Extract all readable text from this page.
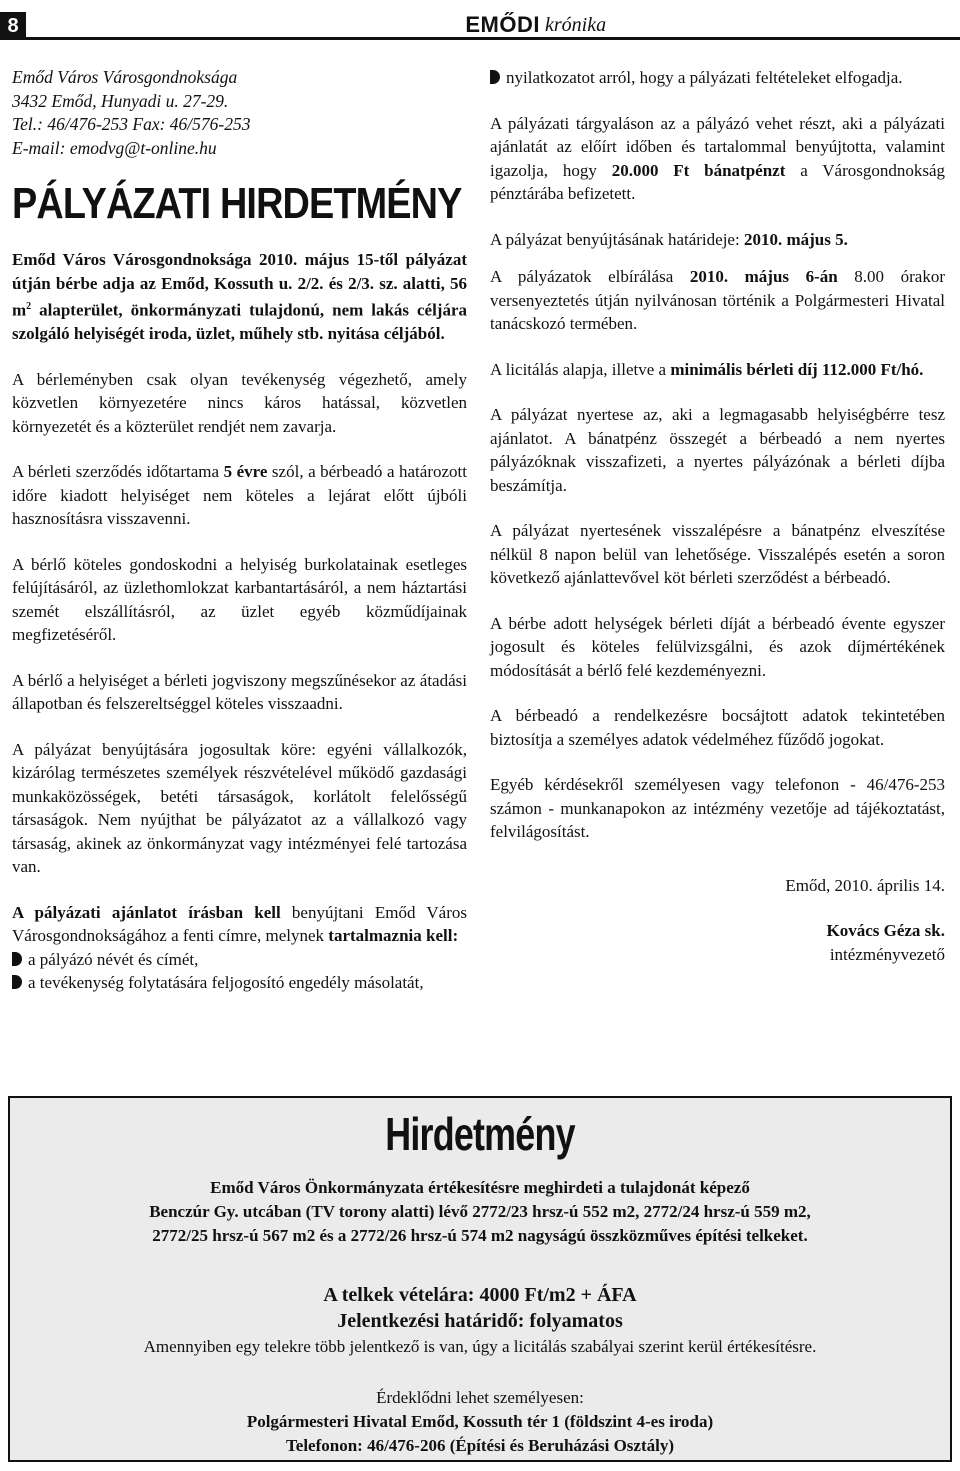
8	EMŐDI krónika
Emőd Város Városgondnoksága
3432 Emőd, Hunyadi u. 27-29.
Tel.: 46/476-253 Fax: 46/576-253
E-mail: emodvg@t-online.hu
PÁLYÁZATI HIRDETMÉNY

Emőd Város Városgondnoksága 2010. május 15-től pályázat útján bérbe adja az Emőd, Kossuth u. 2/2. és 2/3. sz. alatti, 56 $m^2$ alapterület, önkormányzati tulajdonú, nem lakás céljára szolgáló helyiségét iroda, üzlet, műhely stb. nyitása céljából.

A bérleményben csak olyan tevékenység végezhető, amely közvetlen környezetére nincs káros hatással, közvetlen környezetét és a közterület rendjét nem zavarja.

A bérleti szerződés időtartama 5 évre szól, a bérbeadó a határozott időre kiadott helyiséget nem köteles a lejárat előtt újbóli hasznosításra visszavenni.

A bérlő köteles gondoskodni a helyiség burkolatainak esetleges felújításáról, az üzlethomlokzat karbantartásáról, a nem háztartási szemét elszállításról, az üzlet egyéb közműdíjainak megfizetéséről.

A bérlő a helyiséget a bérleti jogviszony megszűnésekor az átadási állapotban és felszereltséggel köteles visszaadni.

A pályázat benyújtására jogosultak köre: egyéni vállalkozók, kizárólag természetes személyek részvételével működő gazdasági munkaközösségek, betéti társaságok, korlátolt felelősségű társaságok. Nem nyújthat be pályázatot az a vállalkozó vagy társaság, akinek az önkormányzat vagy intézményei felé tartozása van.

A pályázati ajánlatot írásban kell benyújtani Emőd Város Városgondnokságához a fenti címre, melynek tartalmaznia kell:

a pályázó névét és címét,

a tevékenység folytatására feljogosító engedély másolatát,

nyilatkozatot arról, hogy a pályázati feltételeket elfogadja.

A pályázati tárgyaláson az a pályázó vehet részt, aki a pályázati ajánlatát az előírt időben és tartalommal benyújtotta, valamint igazolja, hogy 20.000 Ft bánatpénzt a Városgondnokság pénztárába befizetett.

A pályázat benyújtásának határideje: 2010. május 5.

A pályázatok elbírálása 2010. május 6-án 8.00 órakor versenyeztetés útján nyilvánosan történik a Polgármesteri Hivatal tanácskozó termében.

A licitálás alapja, illetve a minimális bérleti díj 112.000 Ft/hó.

A pályázat nyertese az, aki a legmagasabb helyiségbérre tesz ajánlatot. A bánatpénz összegét a bérbeadó a nem nyertes pályázóknak visszafizeti, a nyertes pályázónak a bérleti díjba beszámítja.

A pályázat nyertesének visszalépésre a bánatpénz elveszítése nélkül 8 napon belül van lehetősége. Visszalépés esetén a soron következő ajánlattevővel köt bérleti szerződést a bérbeadó.

A bérbe adott helységek bérleti díját a bérbeadó évente egyszer jogosult és köteles felülvizsgálni, és azok díjmértékének módosítását a bérlő felé kezdeményezni.

A bérbeadó a rendelkezésre bocsájtott adatok tekintetében biztosítja a személyes adatok védelméhez fűződő jogokat.

Egyéb kérdésekről személyesen vagy telefonon - 46/476-253 számon - munkanapokon az intézmény vezetője ad tájékoztatást, felvilágosítást.

Emőd, 2010. április 14.

Kovács Géza sk.

intézményvezető

Hirdetmény
Emőd Város Önkormányzata értékesítésre meghirdeti a tulajdonát képező
Benczúr Gy. utcában (TV torony alatti) lévő 2772/23 hrsz-ú 552 m2, 2772/24 hrsz-ú 559 m2,
2772/25 hrsz-ú 567 m2 és a 2772/26 hrsz-ú 574 m2 nagyságú összközműves építési telkeket.
A telkek vételára: 4000 Ft/m2 + ÁFA
Jelentkezési határidő: folyamatos
Amennyiben egy telekre több jelentkező is van, úgy a licitálás szabályai szerint kerül értékesítésre.
Érdeklődni lehet személyesen:
Polgármesteri Hivatal Emőd, Kossuth tér 1 (földszint 4-es iroda)
Telefonon: 46/476-206 (Építési és Beruházási Osztály)
